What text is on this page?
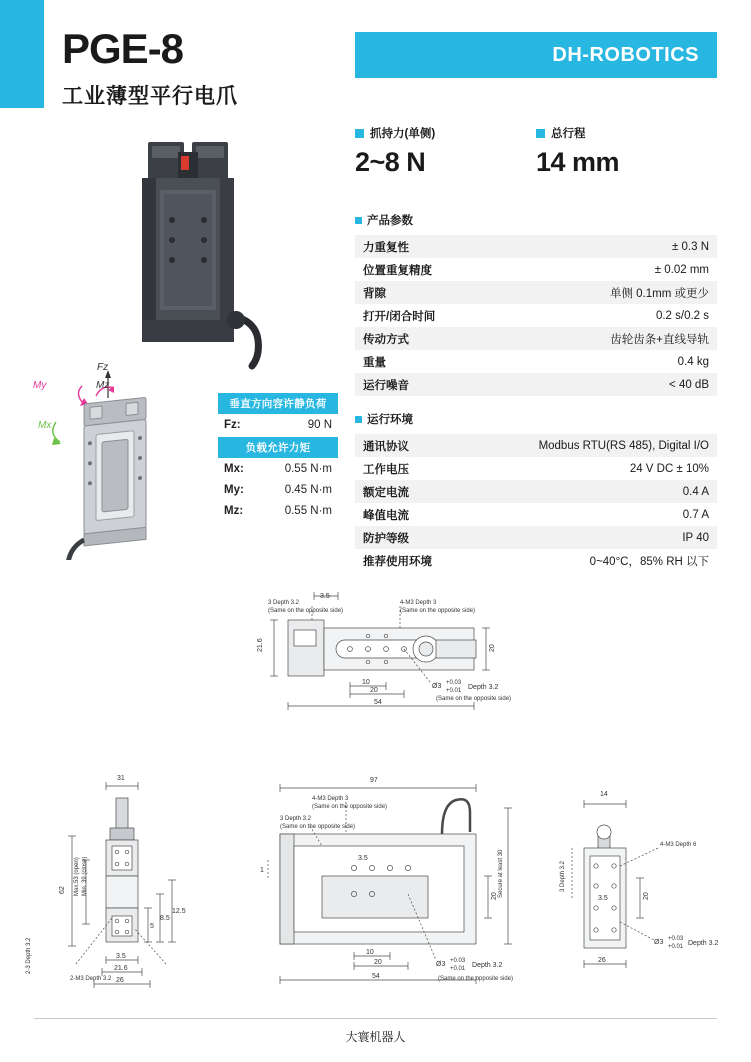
PGE-8
工业薄型平行电爪
DH-ROBOTICS
Fz
Mz
My
Mx
垂直方向容许静负荷
Fz:	90 N
负载允许力矩
Mx:	0.55 N·m
My:	0.45 N·m
Mz:	0.55 N·m
抓持力(单侧)
2~8 N
总行程
14 mm
产品参数
力重复性	± 0.3 N
位置重复精度	± 0.02 mm
背隙	单侧 0.1mm 或更少
打开/闭合时间	0.2 s/0.2 s
传动方式	齿轮齿条+直线导轨
重量	0.4 kg
运行噪音	< 40 dB
运行环境
通讯协议	Modbus RTU(RS 485), Digital I/O
工作电压	24 V DC ± 10%
额定电流	0.4 A
峰值电流	0.7 A
防护等级	IP 40
推荐使用环境	0~40°C，85% RH 以下
3 Depth 3.2
(Same on the opposite side)
4-M3 Depth 3
(Same on the opposite side)
3.5
21.6	20
10
20
54
Ø3 +0.03
+0.01 Depth 3.2
(Same on the opposite side)
31
62 Max.53 (open) Min. 39 (close)
5
8.5
12.5
3.5
21.6
26
2-3 Depth 3.2
2-M3 Depth 3.2
97
4-M3 Depth 3
(Same on the opposite side)
3 Depth 3.2
(Same on the opposite side)
1
3.5
20 Secure at least 30
10
20
54
Ø3 +0.03
+0.01 Depth 3.2
(Same on the opposite side)
14
3 Depth 3.2
3.5	20
26
4-M3 Depth 6
Ø3 +0.03
+0.01 Depth 3.2
大寰机器人
